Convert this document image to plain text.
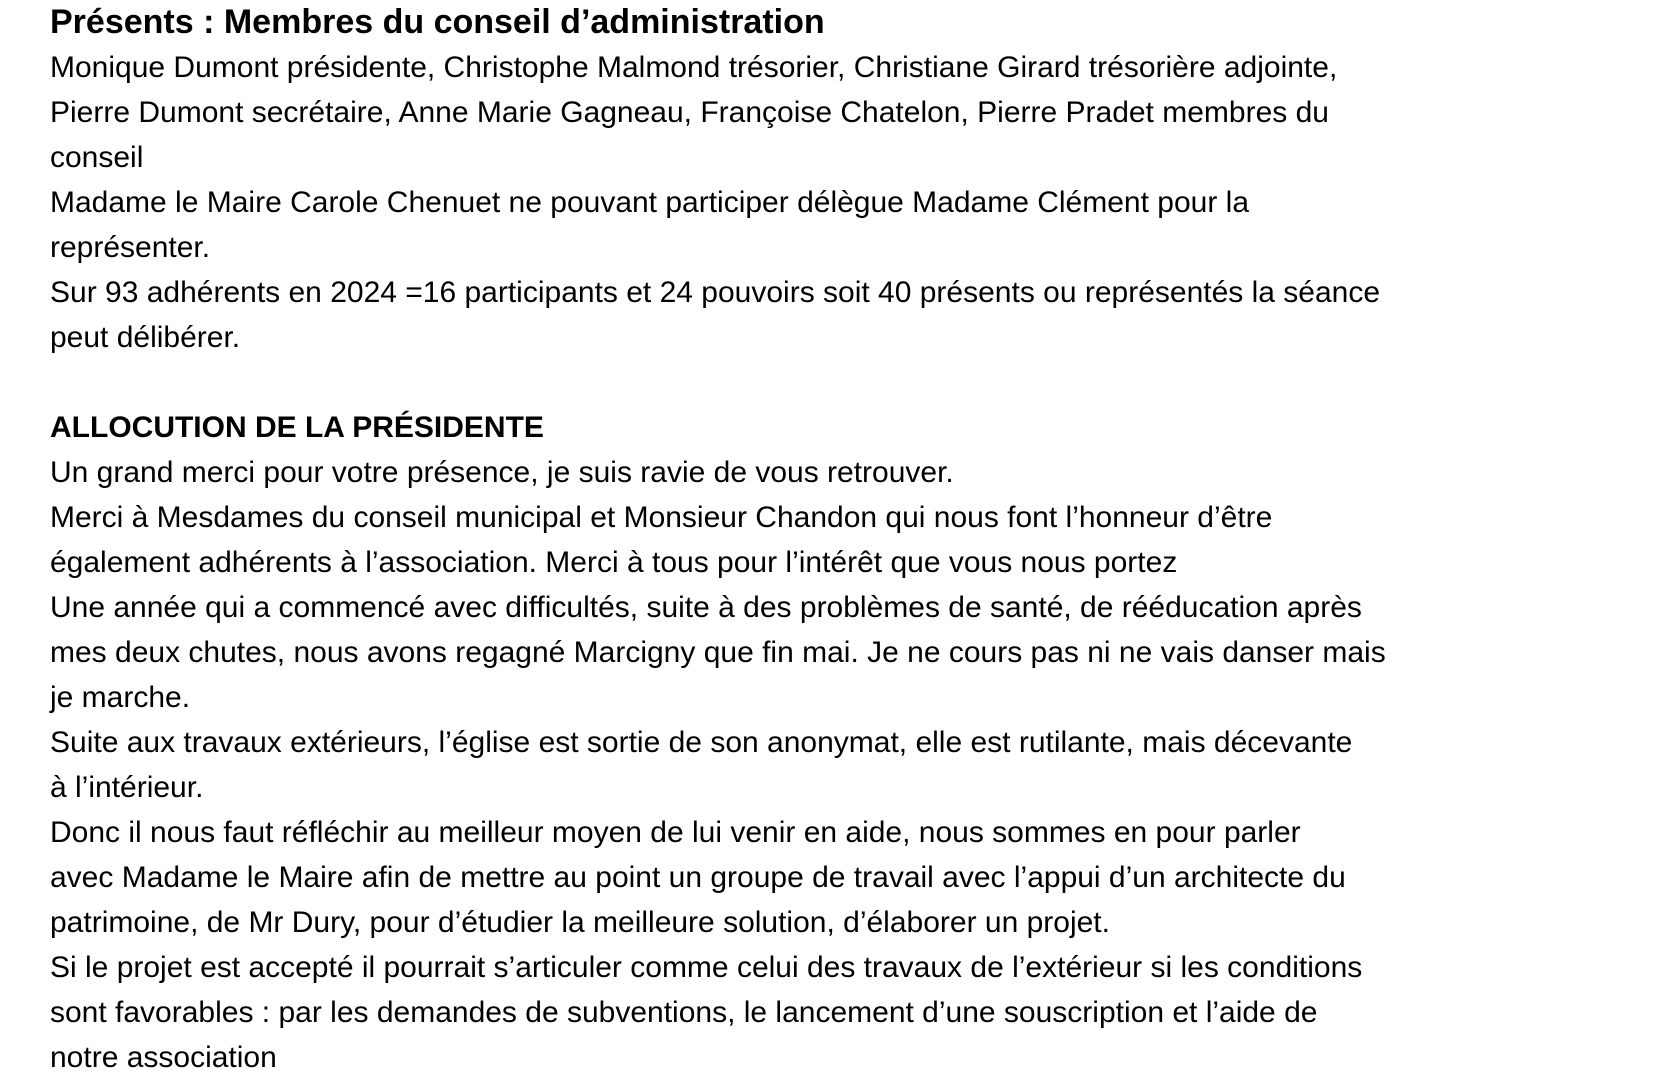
Présents : Membres du conseil d’administration
Monique Dumont présidente, Christophe Malmond trésorier, Christiane Girard trésorière adjointe,
Pierre Dumont secrétaire, Anne Marie Gagneau, Françoise Chatelon, Pierre Pradet membres du
conseil
Madame le Maire Carole Chenuet ne pouvant participer délègue Madame Clément pour la
représenter.
Sur 93 adhérents en 2024 =16 participants et 24 pouvoirs soit 40 présents ou représentés la séance
peut délibérer.
ALLOCUTION DE LA PRÉSIDENTE
Un grand merci pour votre présence, je suis ravie de vous retrouver.
Merci à Mesdames du conseil municipal et Monsieur Chandon qui nous font l’honneur d’être
également adhérents à l’association. Merci à tous pour l’intérêt que vous nous portez
Une année qui a commencé avec difficultés, suite à des problèmes de santé, de rééducation après
mes deux chutes, nous avons regagné Marcigny que fin mai. Je ne cours pas ni ne vais danser mais
je marche.
Suite aux travaux extérieurs, l’église est sortie de son anonymat, elle est rutilante, mais décevante
à l’intérieur.
Donc il nous faut réfléchir au meilleur moyen de lui venir en aide, nous sommes en pour parler
avec Madame le Maire afin de mettre au point un groupe de travail avec l’appui d’un architecte du
patrimoine, de Mr Dury, pour d’étudier la meilleure solution, d’élaborer un projet.
Si le projet est accepté il pourrait s’articuler comme celui des travaux de l’extérieur si les conditions
sont favorables : par les demandes de subventions, le lancement d’une souscription et l’aide de
notre association
